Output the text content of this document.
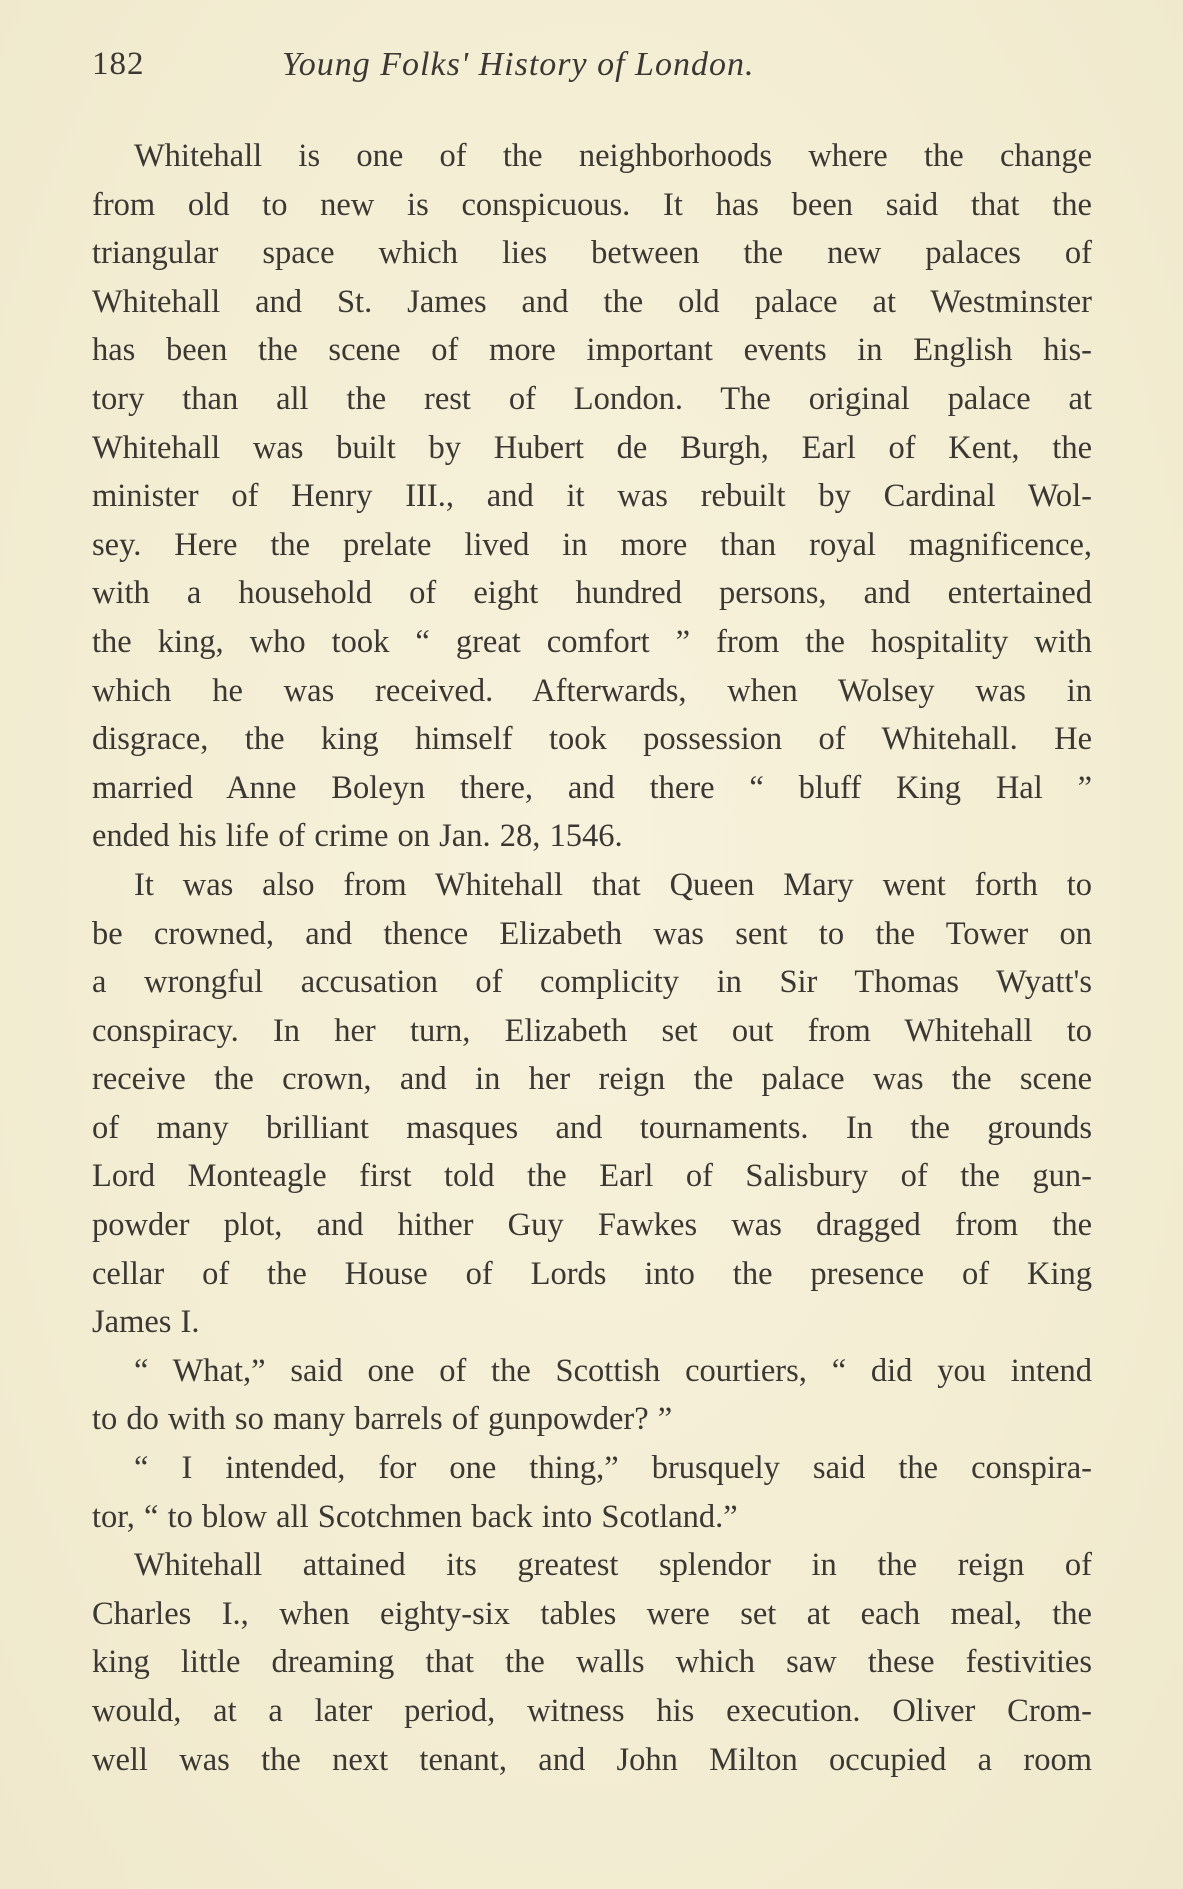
182	Young Folks' History of London.
Whitehall is one of the neighborhoods where the change
from old to new is conspicuous. It has been said that the
triangular space which lies between the new palaces of
Whitehall and St. James and the old palace at Westminster
has been the scene of more important events in English his-
tory than all the rest of London. The original palace at
Whitehall was built by Hubert de Burgh, Earl of Kent, the
minister of Henry III., and it was rebuilt by Cardinal Wol-
sey. Here the prelate lived in more than royal magnificence,
with a household of eight hundred persons, and entertained
the king, who took “ great comfort ” from the hospitality with
which he was received. Afterwards, when Wolsey was in
disgrace, the king himself took possession of Whitehall. He
married Anne Boleyn there, and there “ bluff King Hal ”
ended his life of crime on Jan. 28, 1546.
It was also from Whitehall that Queen Mary went forth to
be crowned, and thence Elizabeth was sent to the Tower on
a wrongful accusation of complicity in Sir Thomas Wyatt's
conspiracy. In her turn, Elizabeth set out from Whitehall to
receive the crown, and in her reign the palace was the scene
of many brilliant masques and tournaments. In the grounds
Lord Monteagle first told the Earl of Salisbury of the gun-
powder plot, and hither Guy Fawkes was dragged from the
cellar of the House of Lords into the presence of King
James I.
“ What,” said one of the Scottish courtiers, “ did you intend
to do with so many barrels of gunpowder? ”
“ I intended, for one thing,” brusquely said the conspira-
tor, “ to blow all Scotchmen back into Scotland.”
Whitehall attained its greatest splendor in the reign of
Charles I., when eighty-six tables were set at each meal, the
king little dreaming that the walls which saw these festivities
would, at a later period, witness his execution. Oliver Crom-
well was the next tenant, and John Milton occupied a room
